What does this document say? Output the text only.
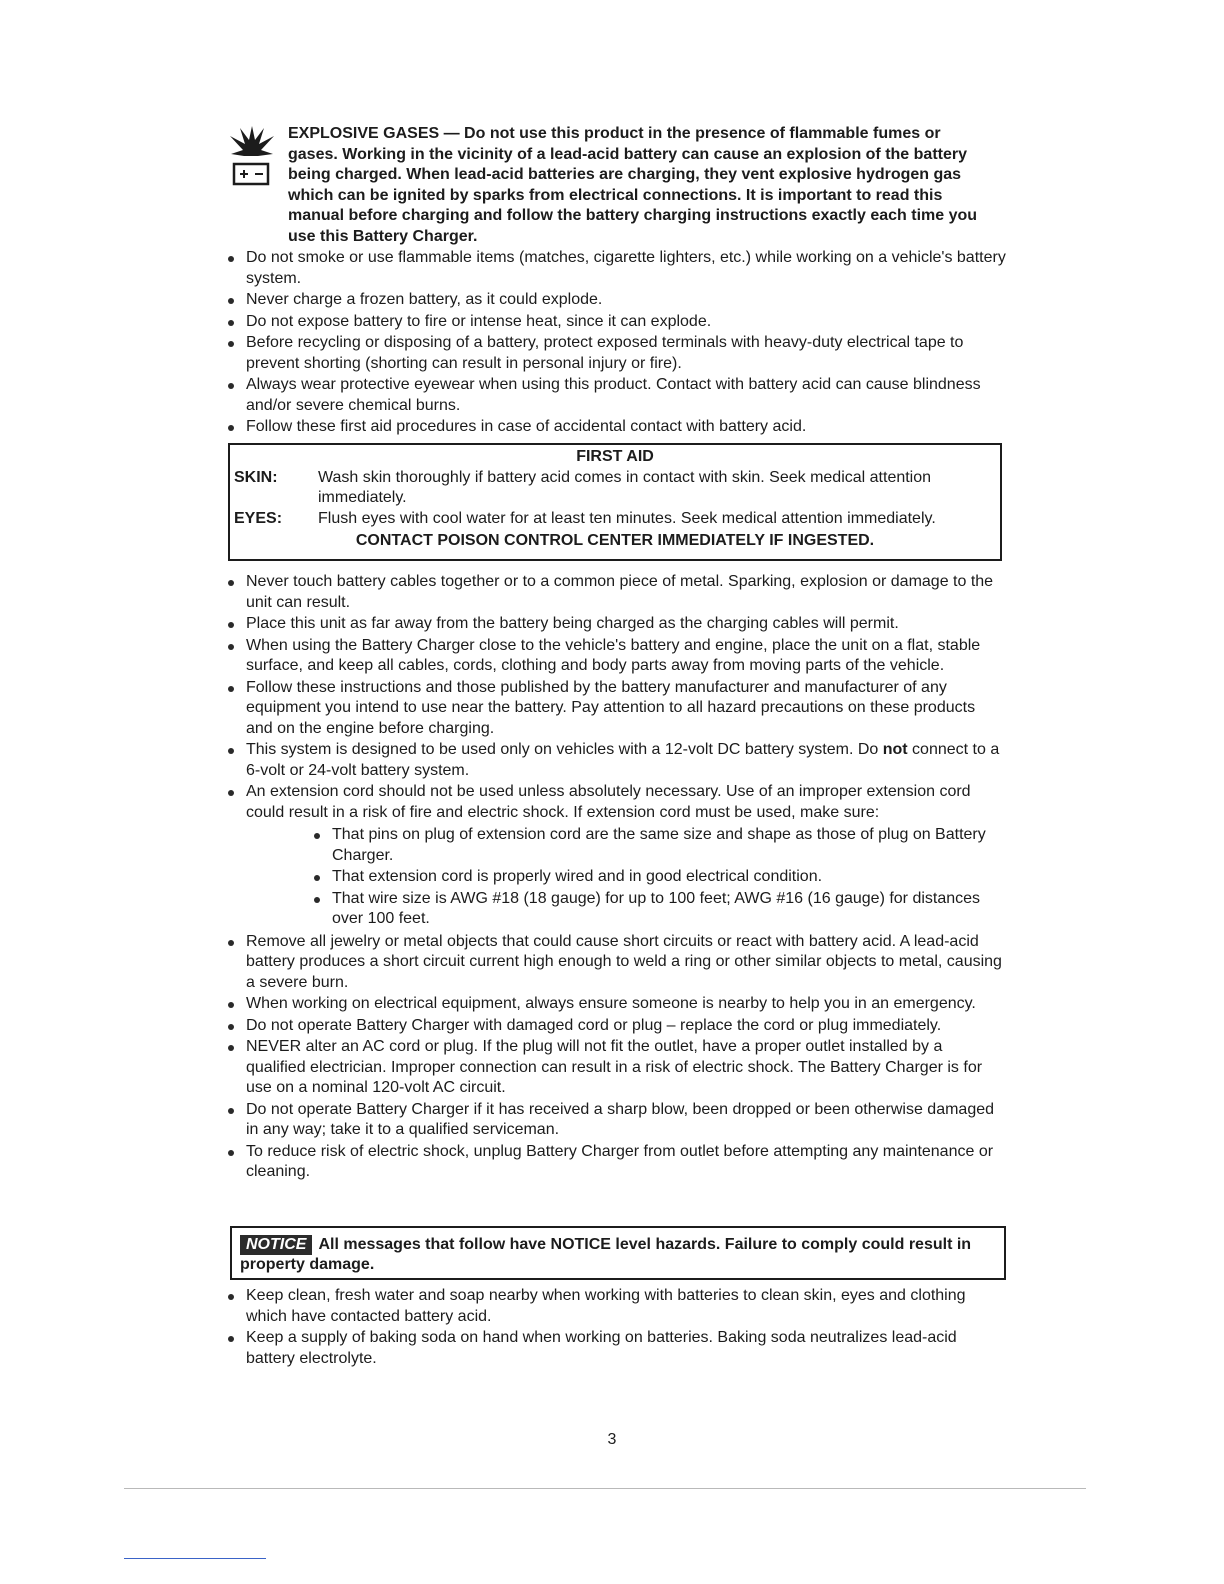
EXPLOSIVE GASES — Do not use this product in the presence of flammable fumes or gases. Working in the vicinity of a lead-acid battery can cause an explosion of the battery being charged. When lead-acid batteries are charging, they vent explosive hydrogen gas which can be ignited by sparks from electrical connections. It is important to read this manual before charging and follow the battery charging instructions exactly each time you use this Battery Charger.
Do not smoke or use flammable items (matches, cigarette lighters, etc.) while working on a vehicle's battery system.
Never charge a frozen battery, as it could explode.
Do not expose battery to fire or intense heat, since it can explode.
Before recycling or disposing of a battery, protect exposed terminals with heavy-duty electrical tape to prevent shorting (shorting can result in personal injury or fire).
Always wear protective eyewear when using this product. Contact with battery acid can cause blindness and/or severe chemical burns.
Follow these first aid procedures in case of accidental contact with battery acid.
FIRST AID
SKIN:	Wash skin thoroughly if battery acid comes in contact with skin. Seek medical attention immediately.
EYES:	Flush eyes with cool water for at least ten minutes. Seek medical attention immediately.
CONTACT POISON CONTROL CENTER IMMEDIATELY IF INGESTED.
Never touch battery cables together or to a common piece of metal. Sparking, explosion or damage to the unit can result.
Place this unit as far away from the battery being charged as the charging cables will permit.
When using the Battery Charger close to the vehicle's battery and engine, place the unit on a flat, stable surface, and keep all cables, cords, clothing and body parts away from moving parts of the vehicle.
Follow these instructions and those published by the battery manufacturer and manufacturer of any equipment you intend to use near the battery. Pay attention to all hazard precautions on these products and on the engine before charging.
This system is designed to be used only on vehicles with a 12-volt DC battery system. Do not connect to a 6-volt or 24-volt battery system.
An extension cord should not be used unless absolutely necessary. Use of an improper extension cord could result in a risk of fire and electric shock. If extension cord must be used, make sure:
That pins on plug of extension cord are the same size and shape as those of plug on Battery Charger.
That extension cord is properly wired and in good electrical condition.
That wire size is AWG #18 (18 gauge) for up to 100 feet; AWG #16 (16 gauge) for distances over 100 feet.
Remove all jewelry or metal objects that could cause short circuits or react with battery acid. A lead-acid battery produces a short circuit current high enough to weld a ring or other similar objects to metal, causing a severe burn.
When working on electrical equipment, always ensure someone is nearby to help you in an emergency.
Do not operate Battery Charger with damaged cord or plug – replace the cord or plug immediately.
NEVER alter an AC cord or plug. If the plug will not fit the outlet, have a proper outlet installed by a qualified electrician. Improper connection can result in a risk of electric shock. The Battery Charger is for use on a nominal 120-volt AC circuit.
Do not operate Battery Charger if it has received a sharp blow, been dropped or been otherwise damaged in any way; take it to a qualified serviceman.
To reduce risk of electric shock, unplug Battery Charger from outlet before attempting any maintenance or cleaning.
NOTICE All messages that follow have NOTICE level hazards. Failure to comply could result in property damage.
Keep clean, fresh water and soap nearby when working with batteries to clean skin, eyes and clothing which have contacted battery acid.
Keep a supply of baking soda on hand when working on batteries. Baking soda neutralizes lead-acid battery electrolyte.
3
